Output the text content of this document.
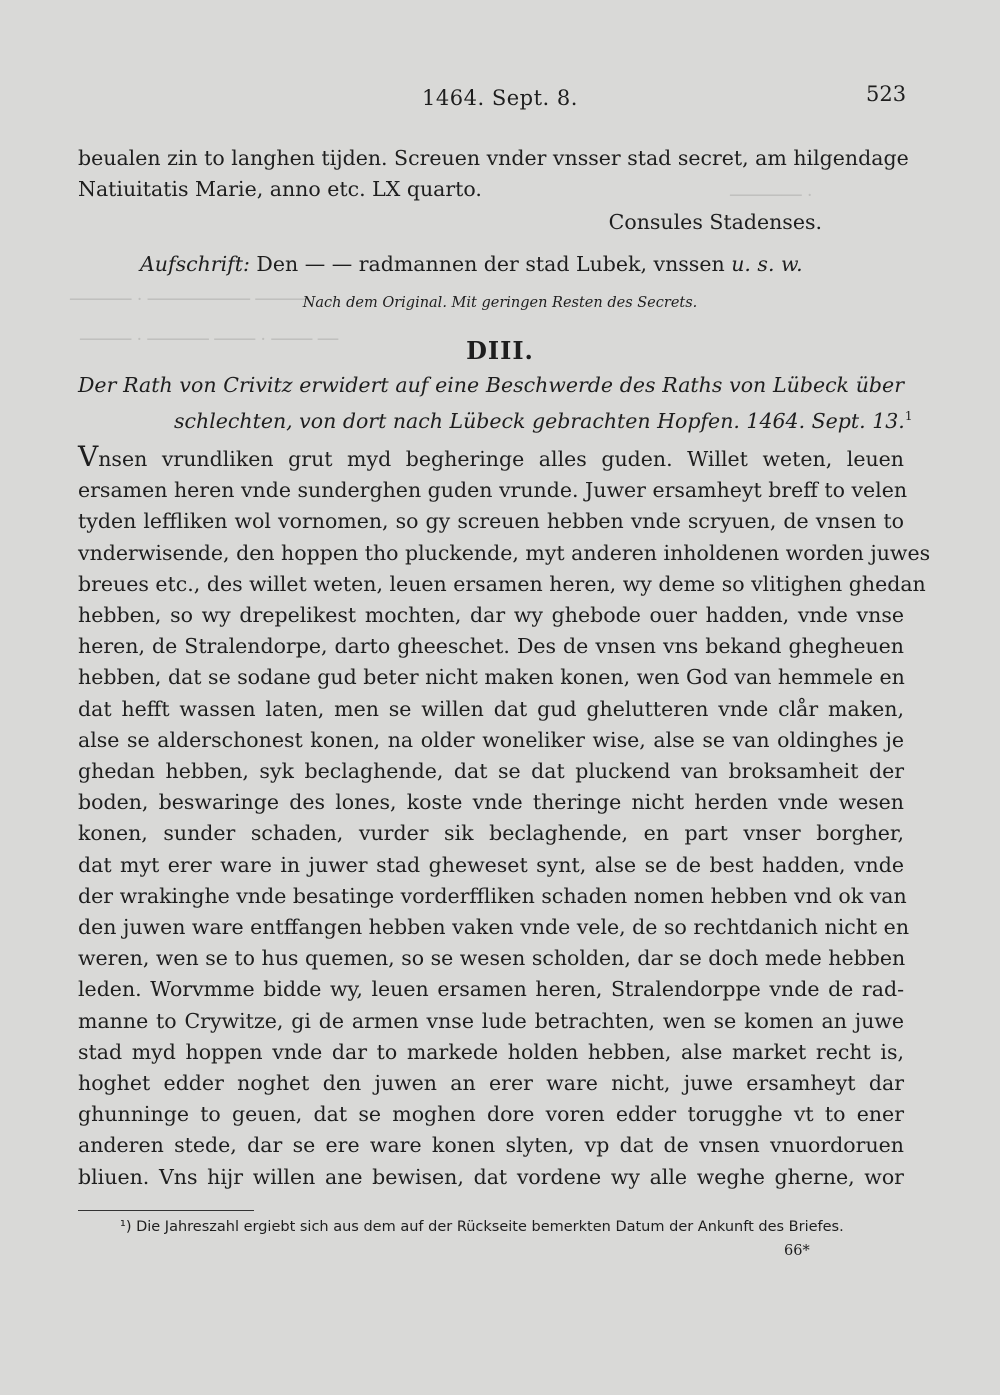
─────── ·
────── · ────────── ─────
───── · ────── ──── · ──── ──
1464. Sept. 8.	523
beualen zin to langhen tijden. Screuen vnder vnsser stad secret, am hilgendage
Natiuitatis Marie, anno etc. LX quarto.
Consules Stadenses.
Aufschrift: Den — — radmannen der stad Lubek, vnssen u. s. w.
Nach dem Original. Mit geringen Resten des Secrets.
DIII.
Der Rath von Crivitz erwidert auf eine Beschwerde des Raths von Lübeck über
schlechten, von dort nach Lübeck gebrachten Hopfen. 1464. Sept. 13.$^1$
Vnsen vrundliken grut myd begheringe alles guden. Willet weten, leuen
ersamen heren vnde sunderghen guden vrunde. Juwer ersamheyt breff to velen
tyden leffliken wol vornomen, so gy screuen hebben vnde scryuen, de vnsen to
vnderwisende, den hoppen tho pluckende, myt anderen inholdenen worden juwes
breues etc., des willet weten, leuen ersamen heren, wy deme so vlitighen ghedan
hebben, so wy drepelikest mochten, dar wy ghebode ouer hadden, vnde vnse
heren, de Stralendorpe, darto gheeschet. Des de vnsen vns bekand ghegheuen
hebben, dat se sodane gud beter nicht maken konen, wen God van hemmele en
dat hefft wassen laten, men se willen dat gud ghelutteren vnde clår maken,
alse se alderschonest konen, na older woneliker wise, alse se van oldinghes je
ghedan hebben, syk beclaghende, dat se dat pluckend van broksamheit der
boden, beswaringe des lones, koste vnde theringe nicht herden vnde wesen
konen, sunder schaden, vurder sik beclaghende, en part vnser borgher,
dat myt erer ware in juwer stad gheweset synt, alse se de best hadden, vnde
der wrakinghe vnde besatinge vorderffliken schaden nomen hebben vnd ok van
den juwen ware entffangen hebben vaken vnde vele, de so rechtdanich nicht en
weren, wen se to hus quemen, so se wesen scholden, dar se doch mede hebben
leden. Worvmme bidde wy, leuen ersamen heren, Stralendorppe vnde de rad-
manne to Crywitze, gi de armen vnse lude betrachten, wen se komen an juwe
stad myd hoppen vnde dar to markede holden hebben, alse market recht is,
hoghet edder noghet den juwen an erer ware nicht, juwe ersamheyt dar
ghunninge to geuen, dat se moghen dore voren edder torugghe vt to ener
anderen stede, dar se ere ware konen slyten, vp dat de vnsen vnuordoruen
bliuen. Vns hijr willen ane bewisen, dat vordene wy alle weghe gherne, wor
¹) Die Jahreszahl ergiebt sich aus dem auf der Rückseite bemerkten Datum der Ankunft des Briefes.
66*
